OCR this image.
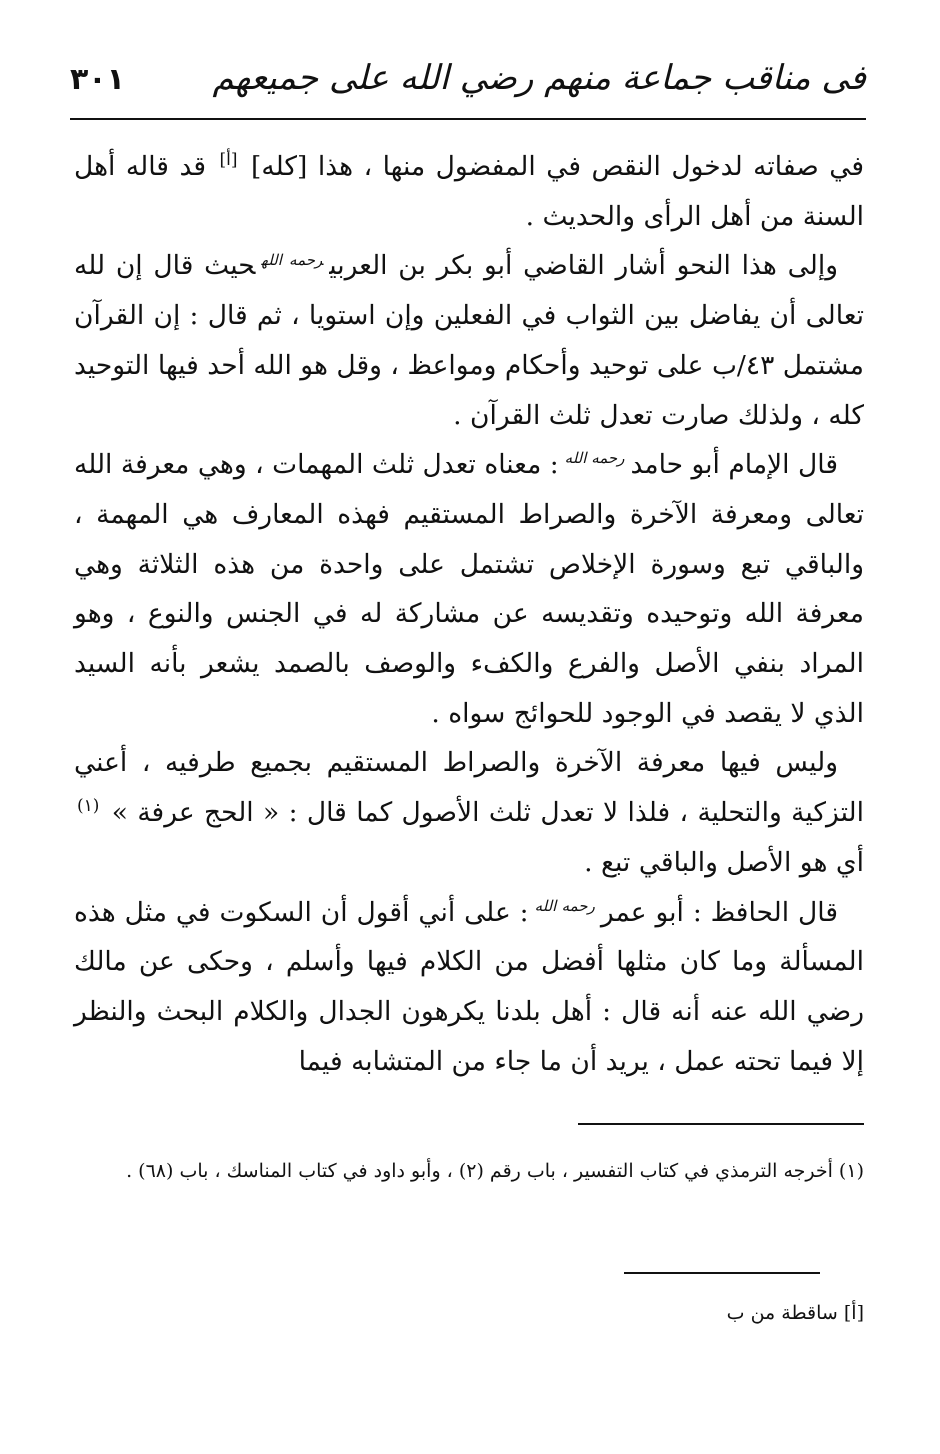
فى مناقب جماعة منهم رضي الله على جميعهم
٣٠١

في صفاته لدخول النقص في المفضول منها ، هذا [كله] [أ] قد قاله أهل السنة من أهل الرأى والحديث .

وإلى هذا النحو أشار القاضي أبو بكر بن العربي$^{رحمه الله}$حيث قال إن لله تعالى أن يفاضل بين الثواب في الفعلين وإن استويا ، ثم قال : إن القرآن مشتمل ٤٣/ب على توحيد وأحكام ومواعظ ، وقل هو الله أحد فيها التوحيد كله ، ولذلك صارت تعدل ثلث القرآن .

قال الإمام أبو حامد$^{رحمه الله}$: معناه تعدل ثلث المهمات ، وهي معرفة الله تعالى ومعرفة الآخرة والصراط المستقيم فهذه المعارف هي المهمة ، والباقي تبع وسورة الإخلاص تشتمل على واحدة من هذه الثلاثة وهي معرفة الله وتوحيده وتقديسه عن مشاركة له في الجنس والنوع ، وهو المراد بنفي الأصل والفرع والكفء والوصف بالصمد يشعر بأنه السيد الذي لا يقصد في الوجود للحوائج سواه .

وليس فيها معرفة الآخرة والصراط المستقيم بجميع طرفيه ، أعني التزكية والتحلية ، فلذا لا تعدل ثلث الأصول كما قال : « الحج عرفة » $^{(١)}$ أي هو الأصل والباقي تبع .

قال الحافظ : أبو عمر$^{رحمه الله}$: على أني أقول أن السكوت في مثل هذه المسألة وما كان مثلها أفضل من الكلام فيها وأسلم ، وحكى عن مالك رضي الله عنه أنه قال : أهل بلدنا يكرهون الجدال والكلام البحث والنظر إلا فيما تحته عمل ، يريد أن ما جاء من المتشابه فيما

(١) أخرجه الترمذي في كتاب التفسير ، باب رقم (٢) ، وأبو داود في كتاب المناسك ، باب (٦٨) .

[أ] ساقطة من ب
